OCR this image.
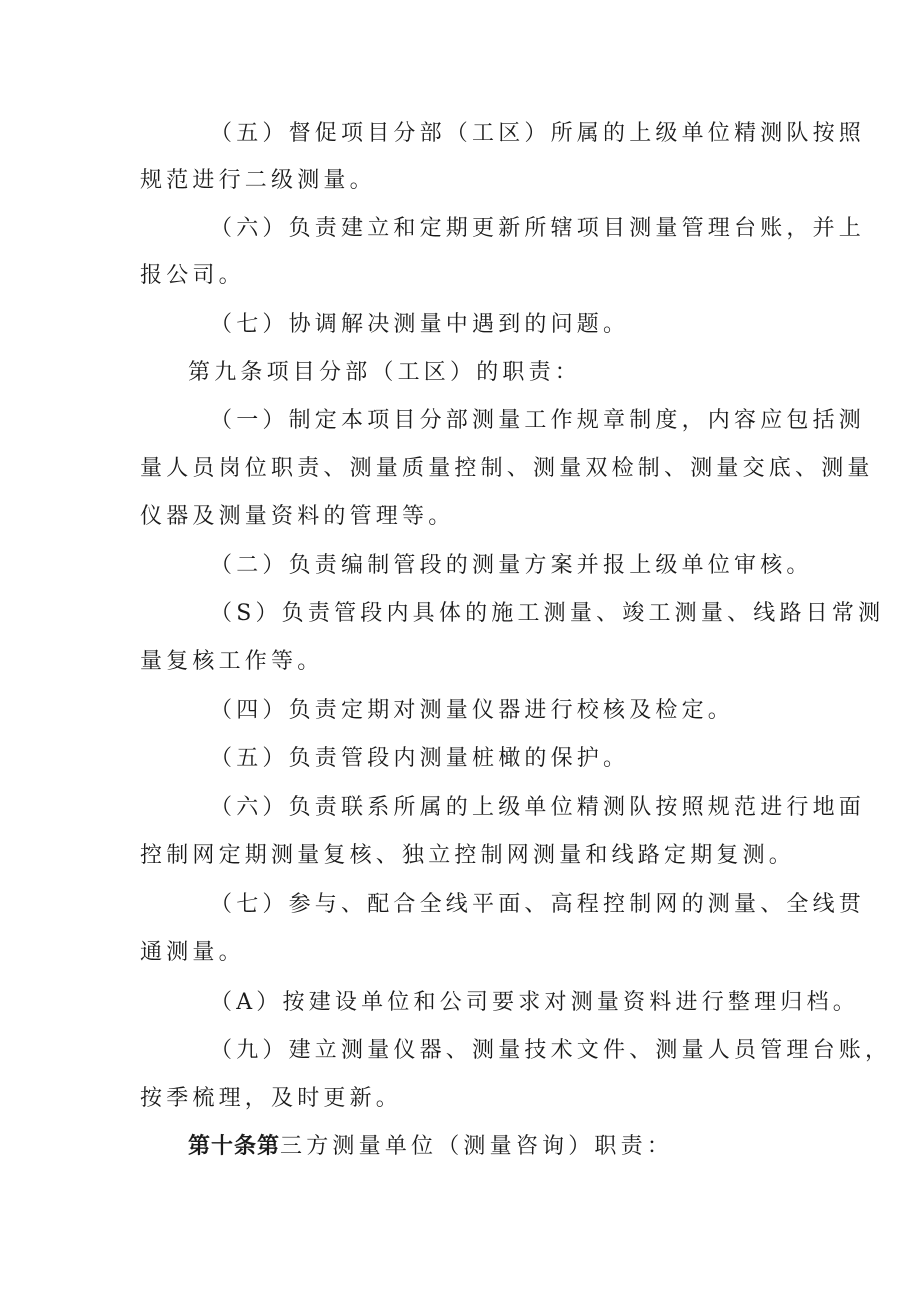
（五）督促项目分部（工区）所属的上级单位精测队按照
规范进行二级测量。
（六）负责建立和定期更新所辖项目测量管理台账，并上
报公司。
（七）协调解决测量中遇到的问题。
第九条项目分部（工区）的职责：
（一）制定本项目分部测量工作规章制度，内容应包括测
量人员岗位职责、测量质量控制、测量双检制、测量交底、测量
仪器及测量资料的管理等。
（二）负责编制管段的测量方案并报上级单位审核。
（S）负责管段内具体的施工测量、竣工测量、线路日常测
量复核工作等。
（四）负责定期对测量仪器进行校核及检定。
（五）负责管段内测量桩橄的保护。
（六）负责联系所属的上级单位精测队按照规范进行地面
控制网定期测量复核、独立控制网测量和线路定期复测。
（七）参与、配合全线平面、高程控制网的测量、全线贯
通测量。
（A）按建设单位和公司要求对测量资料进行整理归档。
（九）建立测量仪器、测量技术文件、测量人员管理台账，
按季梳理，及时更新。
第十条第三方测量单位（测量咨询）职责：
